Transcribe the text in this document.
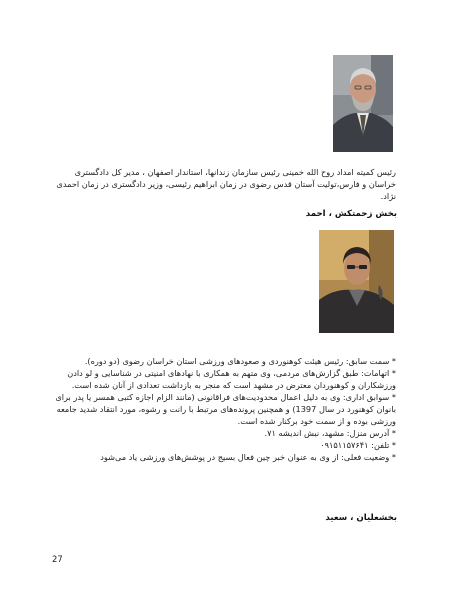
رئیس کمیته امداد روح الله خمینی رئیس سازمان زندانها، استاندار اصفهان ، مدیر کل دادگستری خراسان و فارس،تولیت آستان قدس رضوی در زمان ابراهیم رئیسی، وزیر دادگستری در زمان احمدی نژاد.
بخش زحمتکش ، احمد
* سمت سابق: رئیس هیئت کوهنوردی و صعودهای ورزشی استان خراسان رضوی (دو دوره).
* اتهامات: طبق گزارش‌های مردمی، وی متهم به همکاری با نهادهای امنیتی در شناسایی و لو دادن ورزشکاران و کوهنوردان معترض در مشهد است که منجر به بازداشت تعدادی از آنان شده است.
* سوابق اداری: وی به دلیل اعمال محدودیت‌های فراقانونی (مانند الزام اجازه کتبی همسر یا پدر برای بانوان کوهنورد در سال 1397) و همچنین پرونده‌های مرتبط با رانت و رشوه، مورد انتقاد شدید جامعه ورزشی بوده و از سمت خود برکنار شده است.
* آدرس منزل: مشهد، نبش اندیشه ۷۱.
* تلفن: ۰۹۱۵۱۱۵۷۶۴۱
* وضعیت فعلی: از وی به عنوان خبر چین فعال بسیج در پوشش‌های ورزشی یاد می‌شود
بخشعلیان ، سعید
27
